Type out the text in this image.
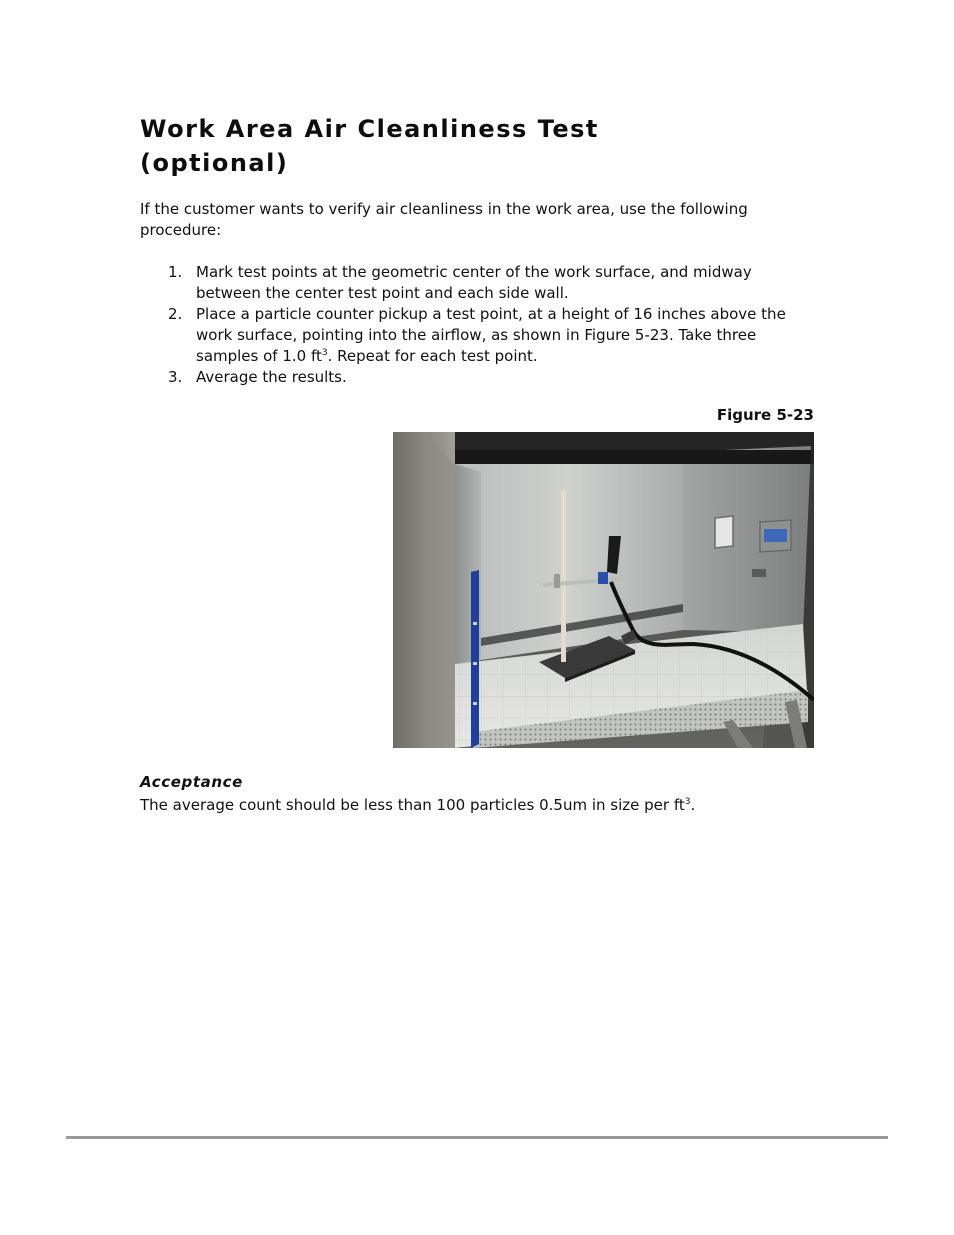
Work Area Air Cleanliness Test
(optional)

If the customer wants to verify air cleanliness in the work area, use the following procedure:

1. Mark test points at the geometric center of the work surface, and midway between the center test point and each side wall.
2. Place a particle counter pickup a test point, at a height of 16 inches above the work surface, pointing into the airflow, as shown in Figure 5-23. Take three samples of 1.0 $ft^3$. Repeat for each test point.
3. Average the results.
Figure 5-23
Acceptance

The average count should be less than 100 particles 0.5um in size per $ft^3$.
